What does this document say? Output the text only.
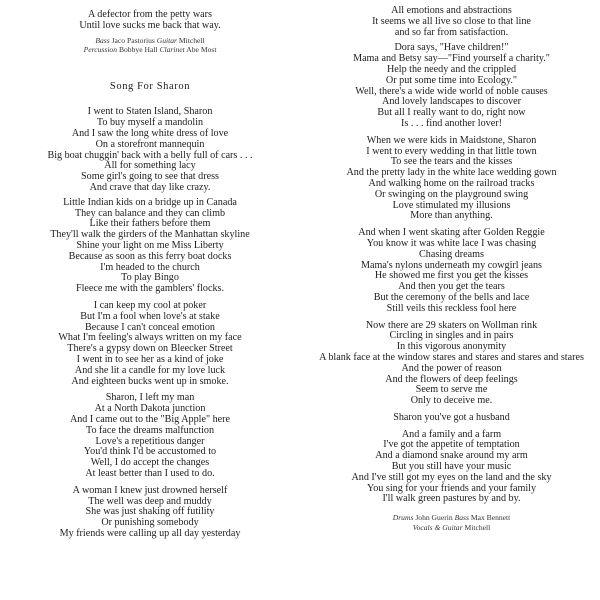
A defector from the petty wars
Until love sucks me back that way.
Bass Jaco Pastorius Guitar Mitchell
Percussion Bobbye Hall Clarinet Abe Most
Song For Sharon
I went to Staten Island, Sharon
To buy myself a mandolin
And I saw the long white dress of love
On a storefront mannequin
Big boat chuggin' back with a belly full of cars . . .
All for something lacy
Some girl's going to see that dress
And crave that day like crazy.
Little Indian kids on a bridge up in Canada
They can balance and they can climb
Like their fathers before them
They'll walk the girders of the Manhattan skyline
Shine your light on me Miss Liberty
Because as soon as this ferry boat docks
I'm headed to the church
To play Bingo
Fleece me with the gamblers' flocks.
I can keep my cool at poker
But I'm a fool when love's at stake
Because I can't conceal emotion
What I'm feeling's always written on my face
There's a gypsy down on Bleecker Street
I went in to see her as a kind of joke
And she lit a candle for my love luck
And eighteen bucks went up in smoke.
Sharon, I left my man
At a North Dakota junction
And I came out to the "Big Apple" here
To face the dreams malfunction
Love's a repetitious danger
You'd think I'd be accustomed to
Well, I do accept the changes
At least better than I used to do.
A woman I knew just drowned herself
The well was deep and muddy
She was just shaking off futility
Or punishing somebody
My friends were calling up all day yesterday
All emotions and abstractions
It seems we all live so close to that line
and so far from satisfaction.
Dora says, "Have children!"
Mama and Betsy say—"Find yourself a charity."
Help the needy and the crippled
Or put some time into Ecology."
Well, there's a wide wide world of noble causes
And lovely landscapes to discover
But all I really want to do, right now
Is . . . find another lover!
When we were kids in Maidstone, Sharon
I went to every wedding in that little town
To see the tears and the kisses
And the pretty lady in the white lace wedding gown
And walking home on the railroad tracks
Or swinging on the playground swing
Love stimulated my illusions
More than anything.
And when I went skating after Golden Reggie
You know it was white lace I was chasing
Chasing dreams
Mama's nylons underneath my cowgirl jeans
He showed me first you get the kisses
And then you get the tears
But the ceremony of the bells and lace
Still veils this reckless fool here
Now there are 29 skaters on Wollman rink
Circling in singles and in pairs
In this vigorous anonymity
A blank face at the window stares and stares and stares and stares
And the power of reason
And the flowers of deep feelings
Seem to serve me
Only to deceive me.
Sharon you've got a husband
And a family and a farm
I've got the appetite of temptation
And a diamond snake around my arm
But you still have your music
And I've still got my eyes on the land and the sky
You sing for your friends and your family
I'll walk green pastures by and by.
Drums John Guerin Bass Max Bennett
Vocals & Guitar Mitchell
